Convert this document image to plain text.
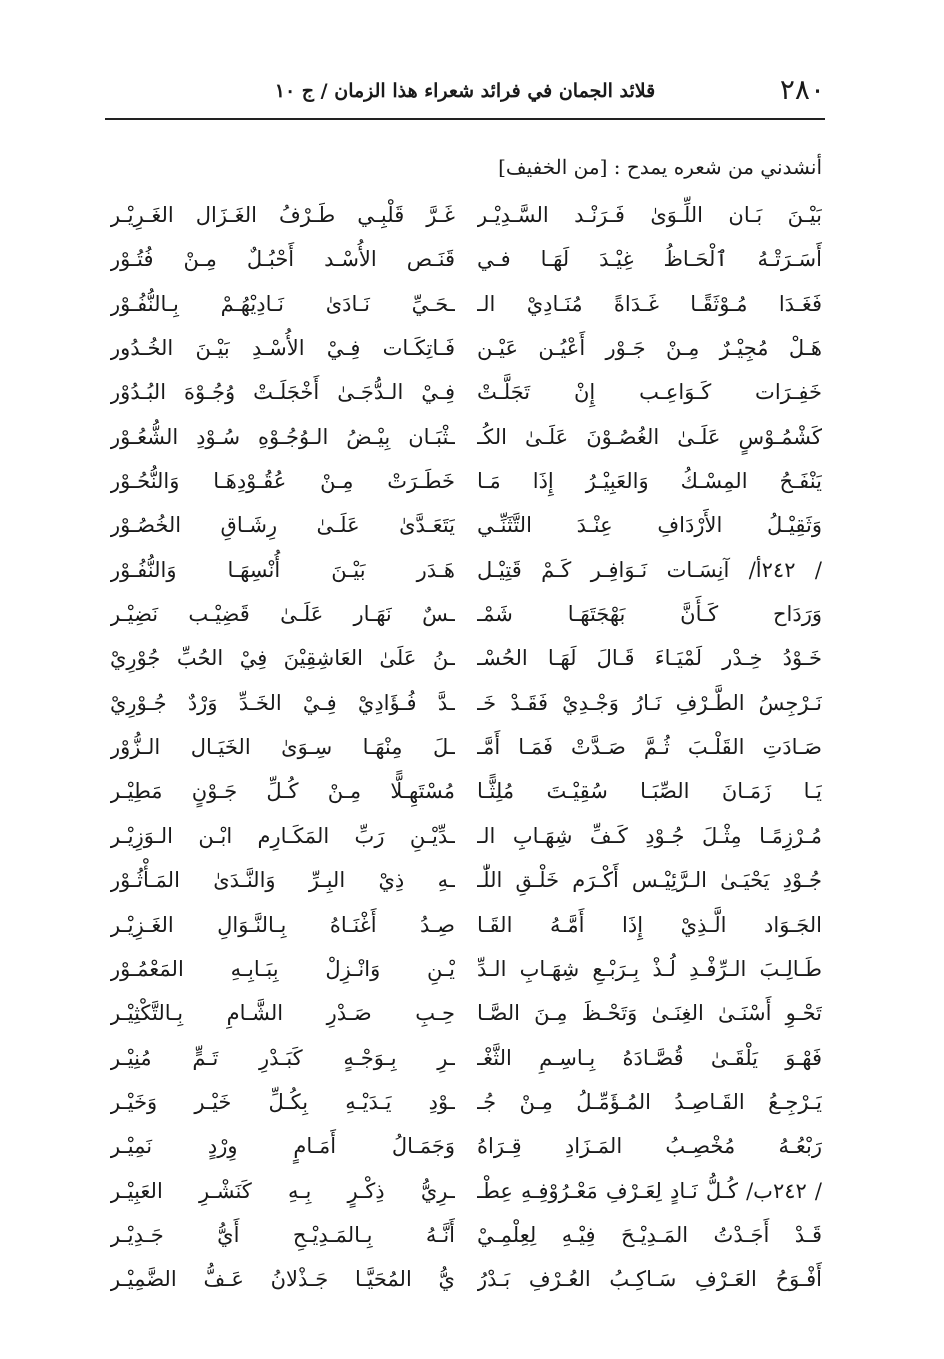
٢٨٠
قلائد الجمان في فرائد شعراء هذا الزمان / ج ١٠
أنشدني من شعره يمدح : [من الخفيف]
بَيْـنَ بَـان اللِّـوَىٰ فَـرَنْـد السَّـدِيْـر
أَسَـرَتْـهُ ٱلْحَـاظُ غِيْـدَ لَهَـا فـي
فَغَـدَا مُـوْثَقًـا غَـدَاةً مُنَـادِيْ الـ
هَـلْ مُجِيْـرٌ مِـنْ جَـوْر أَعْيُـن عَيْـن
خَفِـرَات كَـوَاعِـب إِنْ تَجَلَّـتْ
كَشْمُـوْسٍ عَلَـىٰ الغُصُـوْنَ عَلَـىٰ الكُـ
يَنْفَـحُ المِسْـكُ وَالعَبِيْـرُ إِذَا مَـا
وَثَقِيْـلُ الأَرْدَافِ عِنْـدَ التَّثَنِّـي
/ ٢٤٢أ/ آنِسَـات نَـوَافِـر كَـمْ قَتِيْـل
وَرَدَاح كَـأَنَّ بَهْجَتَهَـا شَمْـ
خَـوْدُ خِـدْر لَمْيَـاءَ قَـالَ لَهَـا الحُسْـ
نَـرْجِسُ الطَّـرْفِ نَـارُ وَجْـدِيْ فَقَـدْ خَـ
صَـادَتِ القَلْـبَ ثُـمَّ صَـدَّتْ فَمَـا أَمَّـ
يَـا زَمَـانَ الصِّبَـا سُقِيْـتَ مُلِثًّـا
مُـرْزِمًـا مِثْـلَ جُـوْدِ كَـفِّ شِهَـابِ الـ
جُـوْدِ يَحْيَـىٰ الـرَّئِيْـس أَكْـرَم خَلْـقِ اللّٰـ
الجَـوَاد الَّـذِيْ إِذَا أَمَّـهُ القَـا
طَـالِـبَ الـرِّفْـدِ لُـذْ بِـرَبْـعِ شِهَـابِ الـدِّ
تَحْـوِ أَسْنَـىٰ الغِنَـىٰ وَتَحْـظَ مِـنَ الصَّـا
فَهْـوَ يَلْقَـىٰ قُصَّـادَهُ بِـاسِـمِ الثَّغْـ
يَـرْجِـعُ القَـاصِـدُ المُـؤَمِّـلُ مِـنْ جُـ
رَبْعُـهُ مُخْصِـبُ المَـزَادِ قِـرَاهُ
/ ٢٤٢ب/ كُـلُّ نَـادٍ لِعَـرْفِ مَعْـرُوْفِـهِ عِطْـ
قَـدْ أَجَـدْتُ المَـدِيْـحَ فِيْـهِ لِعِلْمِـيْ
أَفْـوَحُ العَـرْفِ سَـاكِـبُ العُـرْفِ بَـدْرُ
غَـرَّ قَلْبِـي طَـرْفُ الغَـزَال الغَـرِيْـر
قَنَـص الأُسْـد أَحْبُـلٌ مِـنْ فُتُـوْر
ـحَـيِّ نَـادَىٰ نَـادِيْهُـمْ بِـالنُّفُـوْر
فَـاتِكَـات فِـيْ الأُسْـدِ بَيْـنَ الخُـدُور
فِـيْ الـدُّجَـىٰ أَخْجَلَـتْ وُجُـوْهَ البُـدُوْر
ـثْبَـان بِيْـضُ الـوُجُـوْهِ سُـوْدِ الشُّعُـوْر
خَطَـرَتْ مِـنْ عُقُـوْدِهَـا وَالنُّحُـوْر
يَتَعَـدَّىٰ عَلَـىٰ رِشَـاقِ الخُصُـوْر
هَـدَر بَيْـنَ أُنْسِهَـا وَالنُّفُـوْر
ـسٌ نَهَـار عَلَـىٰ قَضِيْـب نَضِيْـر
ـنُ عَلَىٰ العَاشِقِيْنَ فِيْ الحُبِّ جُوْرِيْ
ـدَّ فُـؤَادِيْ فِـيْ الخَـدِّ وَرْدٌ جُـوْرِيْ
ـلَ مِنْهَـا سِـوَىٰ الخَيَـال الـزُّوْر
مُسْتَهِـلًّا مِـنْ كُـلِّ جَـوْنٍ مَطِيْـر
ـدِّيْـنِ رَبِّ المَكَـارِم ابْـن الـوَزِيْـر
ـهِ ذِيْ البِـرِّ وَالنَّـدَىٰ المَـأْثُـوْر
صِـدُ أَغْنَـاهُ بِـالنَّـوَالِ الغَـزِيْـر
يْـنِ وَانْـزِلْ بِبَـابِـهِ المَعْمُـوْر
حِـبِ صَـدْرِ الشَّـامِ بِـالتَّكْثِيْـر
ـرِ بِـوَجْـهٍ كَبَـدْرِ تَـمٍّ مُنِيْـر
ـوْدِ يَـدَيْـهِ بِكُـلِّ خَيْـر وَخَيْـر
وَجَمَـالُ أَمَـامٍ وِرْدٍ نَمِيْـر
ـرِيُّ ذِكْـرٍ بِـهِ كَنَشْـرِ العَبِيْـر
أَنَّـهُ بِـالمَـدِيْـحِ أَيُّ جَـدِيْـر
يُّ المُحَيَّـا جَـذْلانُ عَـفُّ الضَّمِيْـر
